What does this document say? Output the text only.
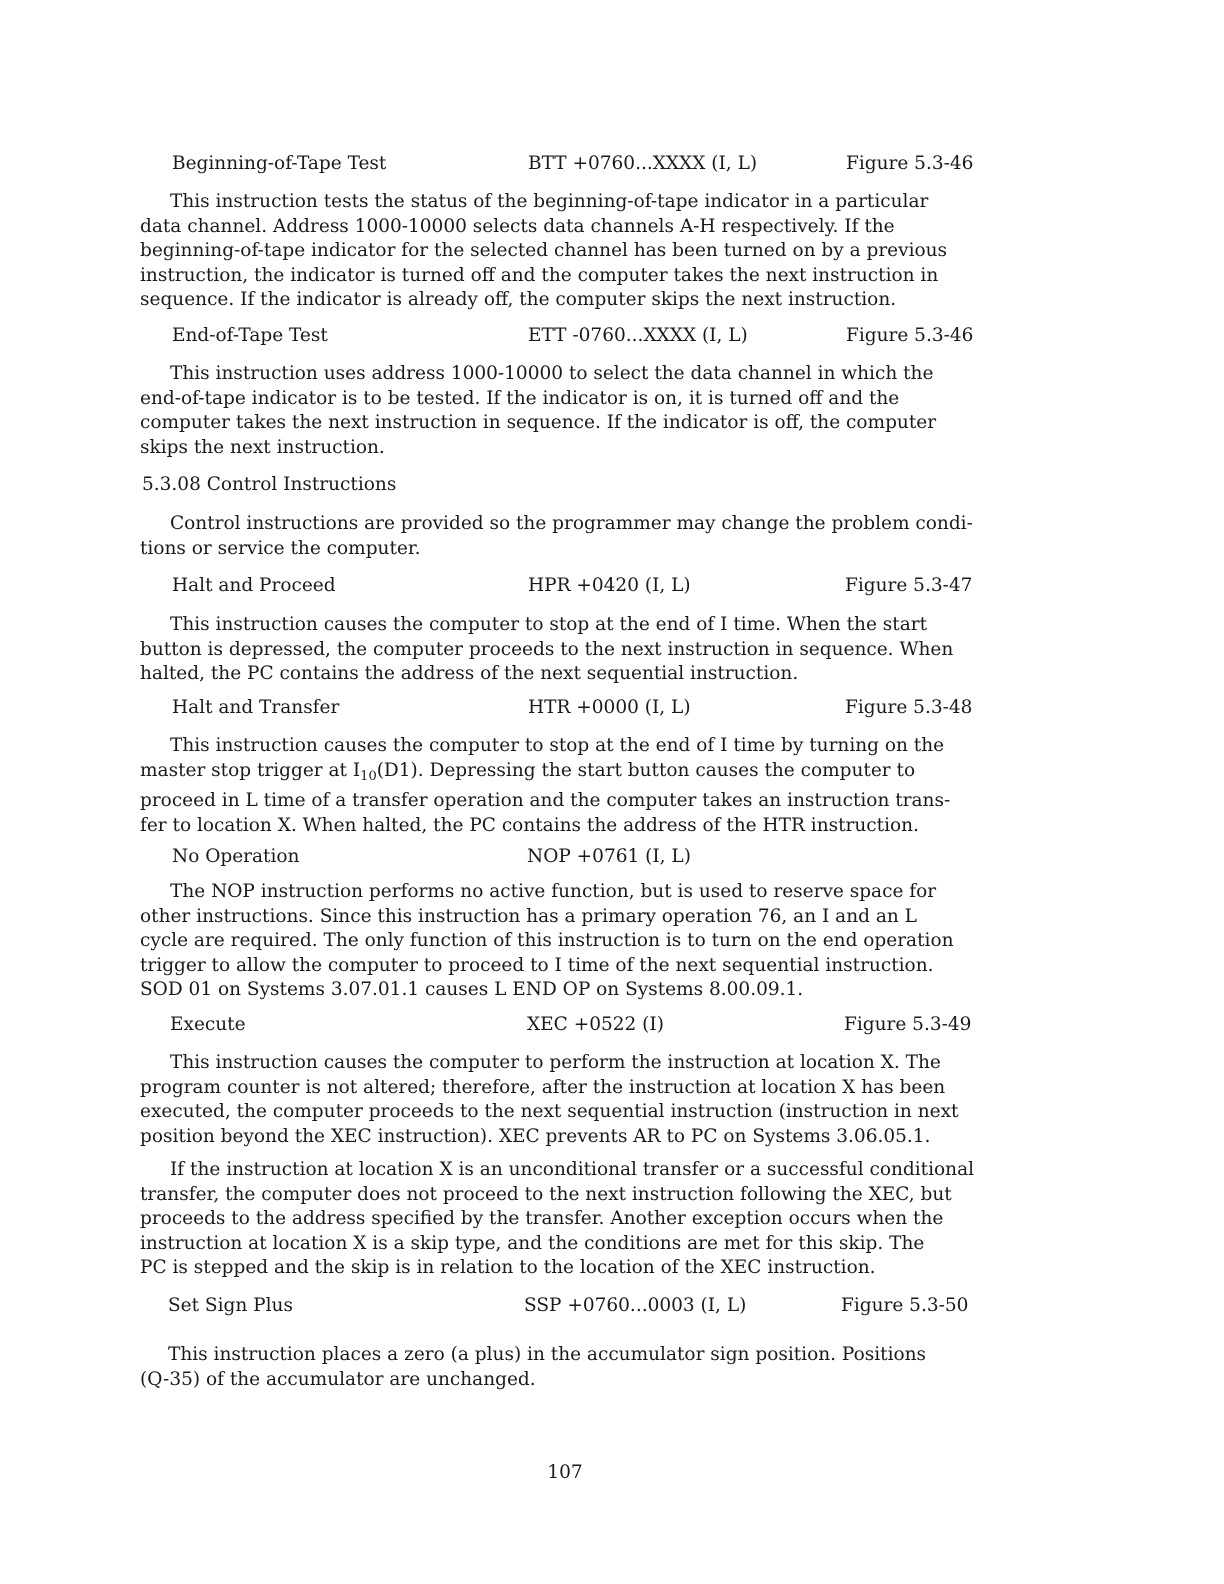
Beginning-of-Tape Test	BTT +0760...XXXX (I, L)	Figure 5.3-46
This instruction tests the status of the beginning-of-tape indicator in a particular
data channel. Address 1000-10000 selects data channels A-H respectively. If the
beginning-of-tape indicator for the selected channel has been turned on by a previous
instruction, the indicator is turned off and the computer takes the next instruction in
sequence. If the indicator is already off, the computer skips the next instruction.
End-of-Tape Test	ETT -0760...XXXX (I, L)	Figure 5.3-46
This instruction uses address 1000-10000 to select the data channel in which the
end-of-tape indicator is to be tested. If the indicator is on, it is turned off and the
computer takes the next instruction in sequence. If the indicator is off, the computer
skips the next instruction.
5.3.08 Control Instructions
Control instructions are provided so the programmer may change the problem condi-
tions or service the computer.
Halt and Proceed	HPR +0420 (I, L)	Figure 5.3-47
This instruction causes the computer to stop at the end of I time. When the start
button is depressed, the computer proceeds to the next instruction in sequence. When
halted, the PC contains the address of the next sequential instruction.
Halt and Transfer	HTR +0000 (I, L)	Figure 5.3-48
This instruction causes the computer to stop at the end of I time by turning on the
master stop trigger at $I_{10}(D1)$. Depressing the start button causes the computer to
proceed in L time of a transfer operation and the computer takes an instruction trans-
fer to location X. When halted, the PC contains the address of the HTR instruction.
No Operation	NOP +0761 (I, L)
The NOP instruction performs no active function, but is used to reserve space for
other instructions. Since this instruction has a primary operation 76, an I and an L
cycle are required. The only function of this instruction is to turn on the end operation
trigger to allow the computer to proceed to I time of the next sequential instruction.
SOD 01 on Systems 3.07.01.1 causes L END OP on Systems 8.00.09.1.
Execute	XEC +0522 (I)	Figure 5.3-49
This instruction causes the computer to perform the instruction at location X. The
program counter is not altered; therefore, after the instruction at location X has been
executed, the computer proceeds to the next sequential instruction (instruction in next
position beyond the XEC instruction). XEC prevents AR to PC on Systems 3.06.05.1.
If the instruction at location X is an unconditional transfer or a successful conditional
transfer, the computer does not proceed to the next instruction following the XEC, but
proceeds to the address specified by the transfer. Another exception occurs when the
instruction at location X is a skip type, and the conditions are met for this skip. The
PC is stepped and the skip is in relation to the location of the XEC instruction.
Set Sign Plus	SSP +0760...0003 (I, L)	Figure 5.3-50
This instruction places a zero (a plus) in the accumulator sign position. Positions
(Q-35) of the accumulator are unchanged.
107
